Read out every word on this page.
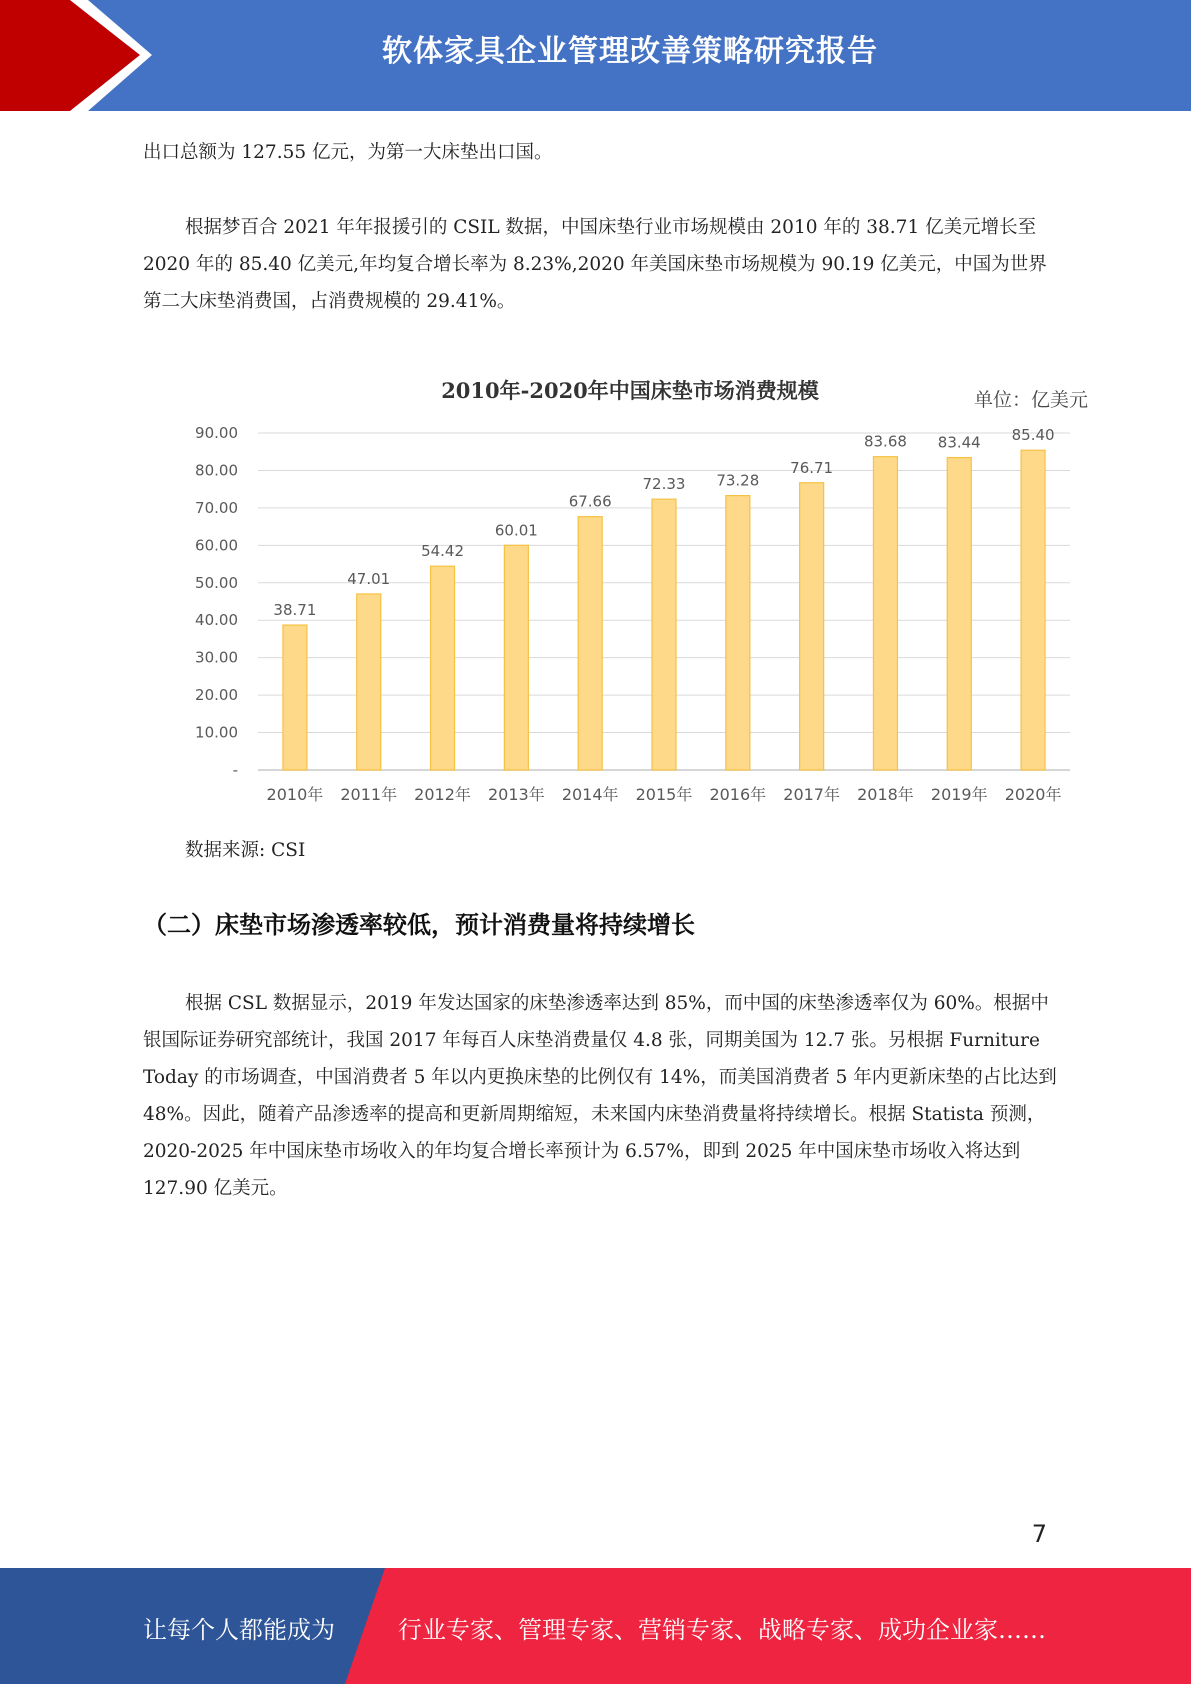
软体家具企业管理改善策略研究报告
出口总额为 127.55 亿元，为第一大床垫出口国。
根据梦百合 2021 年年报援引的 CSIL 数据，中国床垫行业市场规模由 2010 年的 38.71 亿美元增长至 2020 年的 85.40 亿美元,年均复合增长率为 8.23%,2020 年美国床垫市场规模为 90.19 亿美元，中国为世界第二大床垫消费国，占消费规模的 29.41%。
2010年-2020年中国床垫市场消费规模	单位：亿美元
-
10.00
20.00
30.00
40.00
50.00
60.00
70.00
80.00
90.00
38.71
2010年
47.01
2011年
54.42
2012年
60.01
2013年
67.66
2014年
72.33
2015年
73.28
2016年
76.71
2017年
83.68
2018年
83.44
2019年
85.40
2020年
数据来源: CSI
（二）床垫市场渗透率较低，预计消费量将持续增长
根据 CSL 数据显示，2019 年发达国家的床垫渗透率达到 85%，而中国的床垫渗透率仅为 60%。根据中银国际证券研究部统计，我国 2017 年每百人床垫消费量仅 4.8 张，同期美国为 12.7 张。另根据 Furniture Today 的市场调查，中国消费者 5 年以内更换床垫的比例仅有 14%，而美国消费者 5 年内更新床垫的占比达到 48%。因此，随着产品渗透率的提高和更新周期缩短，未来国内床垫消费量将持续增长。根据 Statista 预测，2020-2025 年中国床垫市场收入的年均复合增长率预计为 6.57%，即到 2025 年中国床垫市场收入将达到 127.90 亿美元。
7
让每个人都能成为	行业专家、管理专家、营销专家、战略专家、成功企业家……
